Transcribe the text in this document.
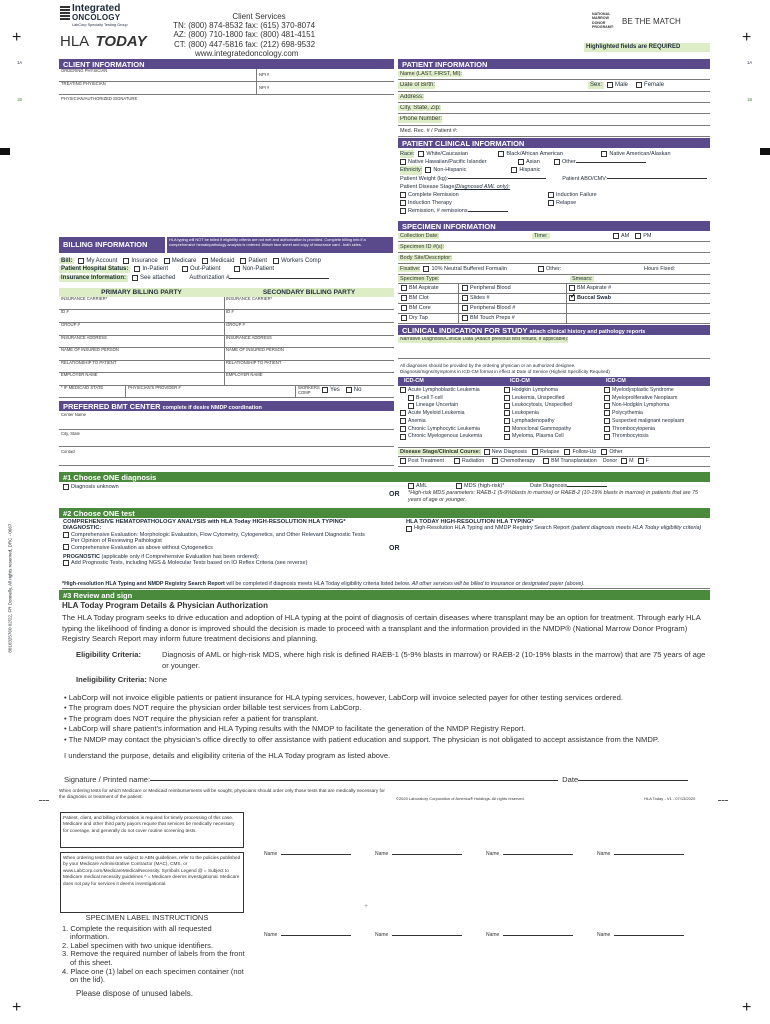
+	+
+	+
1A
1B
1A
1B
8010325760 02/22, FR Donnelly, All rights reserved, DRC - 0667
Integrated
ONCOLOGY
LabCorp Specialty Testing Group
HLA TODAY
Client Services
TN: (800) 874-8532 fax: (615) 370-8074
AZ: (800) 710-1800 fax: (800) 481-4151
CT: (800) 447-5816 fax: (212) 698-9532
www.integratedoncology.com
NATIONAL
MARROW
DONOR
PROGRAM®
BE THE MATCH
Highlighted fields are REQUIRED
CLIENT INFORMATION
ORDERING PHYSICIAN
NPI #
TREATING PHYSICIAN
NPI #
PHYSICIAN/AUTHORIZED SIGNATURE
PATIENT INFORMATION
Name (LAST, FIRST, MI):
Date of Birth:	Sex:	Male	Female
Address:
City, State, Zip:
Phone Number:
Med. Rec. # / Patient #:
PATIENT CLINICAL INFORMATION
Race: White/Caucasian	Black/African American	Native American/Alaskan
Native Hawaiian/Pacific Islander	Asian	Other
Ethnicity: Non-Hispanic	Hispanic
Patient Weight (kg):	Patient ABO/CMV:
Patient Disease Stage (Diagnosed AML only):
Complete Remission	Induction Failure
Induction Therapy	Relapse
Remission, # remissions
SPECIMEN INFORMATION
Collection Date:	Time:	AM	PM
Specimen ID #(s):
Body Site/Descriptor:
Fixative: 10% Neutral Buffered Formalin	Other:	Hours Fixed:
Specimen Type:	Smears:
BM Aspirate	Peripheral Blood	BM Aspirate #
BM Clot	Slides #
✓	Buccal Swab
BM Core	Peripheral Blood #
Dry Tap	BM Touch Preps #
CLINICAL INDICATION FOR STUDY attach clinical history and pathology reports
Narrative Diagnosis/Clinical Data (Attach previous test results, if applicable):
All diagnoses should be provided by the ordering physician or an authorized designee.
Diagnosis/Signs/Symptoms in ICD-CM format in effect at Date of Service (Highest Specificity Required)
ICD-CM	ICD-CM	ICD-CM
Acute Lymphoblastic Leukemia
B-cell T-cell
Lineage Uncertain
Acute Myeloid Leukemia
Anemia
Chronic Lymphocytic Leukemia
Chronic Myelogenous Leukemia
Hodgkin Lymphoma
Leukemia, Unspecified
Leukocytosis, Unspecified
Leukopenia
Lymphadenopathy
Monoclonal Gammopathy
Myeloma, Plasma Cell
Myelodysplastic Syndrome
Myeloproliferative Neoplasm
Non-Hodgkin Lymphoma
Polycythemia
Suspected malignant neoplasm
Thrombocytopenia
Thrombocytosis
Disease Stage/Clinical Course: New Diagnosis Relapse Follow-Up Other
Post Treatment	Radiation	Chemotherapy	BM Transplantation Donor M F
BILLING INFORMATION
HLA typing will NOT be billed if eligibility criteria are not met and authorization is provided. Complete billing info if a comprehensive hematopathology analysis is ordered. Attach face sheet and copy of insurance card - both sides.
Bill:	My Account Insurance Medicare Medicaid Patient Workers Comp
Patient Hospital Status:	In-Patient	Out-Patient	Non-Patient
Insurance Information:	See attached Authorization #
PRIMARY BILLING PARTY	SECONDARY BILLING PARTY
INSURANCE CARRIER*	INSURANCE CARRIER*
ID #	ID #
GROUP #	GROUP #
INSURANCE ADDRESS	INSURANCE ADDRESS
NAME OF INSURED PERSON	NAME OF INSURED PERSON
RELATIONSHIP TO PATIENT	RELATIONSHIP TO PATIENT
EMPLOYER NAME	EMPLOYER NAME
* IF MEDICAID STATE	PHYSICIAN'S PROVIDER #	WORKERS COMP	Yes No
PREFERRED BMT CENTER complete if desire NMDP coordination
Center Name
City, State
Contact
#1 Choose ONE diagnosis
Diagnosis unknown
OR
AML	MDS (high-risk)*	Date Diagnosis
*High-risk MDS parameters: RAEB-1 (5-9%blasts in marrow) or RAEB-2 (10-19% blasts in marrow) in patients that are 75 years of age or younger.
#2 Choose ONE test
COMPREHENSIVE HEMATOPATHOLOGY ANALYSIS with HLA Today HIGH-RESOLUTION HLA TYPING*
DIAGNOSTIC:
Comprehensive Evaluation: Morphologic Evaluation, Flow Cytometry, Cytogenetics, and Other Relevant Diagnostic Tests Per Opinion of Reviewing Pathologist
Comprehensive Evaluation as above without Cytogenetics
PROGNOSTIC (applicable only if Comprehensive Evaluation has been ordered):
Add Prognostic Tests, including NGS & Molecular Tests based on IO Reflex Criteria (see reverse)
OR
HLA TODAY HIGH-RESOLUTION HLA TYPING*
High-Resolution HLA Typing and NMDP Registry Search Report (patient diagnosis meets HLA Today eligibility criteria)
*High-resolution HLA Typing and NMDP Registry Search Report will be completed if diagnosis meets HLA Today eligibility criteria listed below. All other services will be billed to insurance or designated payer (above).
#3 Review and sign
HLA Today Program Details & Physician Authorization
The HLA Today program seeks to drive education and adoption of HLA typing at the point of diagnosis of certain diseases where transplant may be an option for treatment. Through early HLA typing the likelihood of finding a donor is improved should the decision is made to proceed with a transplant and the information provided in the NMDP® (National Marrow Donor Program) Registry Search Report may inform future treatment decisions and planning.
Eligibility Criteria:	Diagnosis of AML or high-risk MDS, where high risk is defined RAEB-1 (5-9% blasts in marrow) or RAEB-2 (10-19% blasts in the marrow) that are 75 years of age or younger.
Ineligibility Criteria: None
• LabCorp will not invoice eligible patients or patient insurance for HLA typing services, however, LabCorp will invoice selected payer for other testing services ordered.
• The program does NOT require the physician order billable test services from LabCorp.
• The program does NOT require the physician refer a patient for transplant.
• LabCorp will share patient's information and HLA Typing results with the NMDP to facilitate the generation of the NMDP Registry Report.
• The NMDP may contact the physician's office directly to offer assistance with patient education and support. The physician is not obligated to accept assistance from the NMDP.
I understand the purpose, details and eligibility criteria of the HLA Today program as listed above.
Signature / Printed name:	Date
When ordering tests for which Medicare or Medicaid reimbursements will be sought, physicians should order only those tests that are medically necessary for the diagnosis or treatment of the patient.	©2020 Laboratory Corporation of America® Holdings. All rights reserved.	HLA Today - V1 - 07/13/2020
Patient, client, and billing information is required for timely processing of this case. Medicare and other third party payors require that services be medically necessary for coverage, and generally do not cover routine screening tests.
When ordering tests that are subject to ABN guidelines, refer to the policies published by your Medicare Administrative Contractor (MAC), CMS, or www.LabCorp.com/MedicareMedicalNecessity. Symbols Legend @ = Subject to Medicare medical necessity guidelines ^ = Medicare deems investigational. Medicare does not pay for services it deems investigational.
Name	Name	Name	Name
Name	Name	Name	Name
+
SPECIMEN LABEL INSTRUCTIONS
1. Complete the requisition with all requested information.
2. Label specimen with two unique identifiers.
3. Remove the required number of labels from the front of this sheet.
4. Place one (1) label on each specimen container (not on the lid).
Please dispose of unused labels.
